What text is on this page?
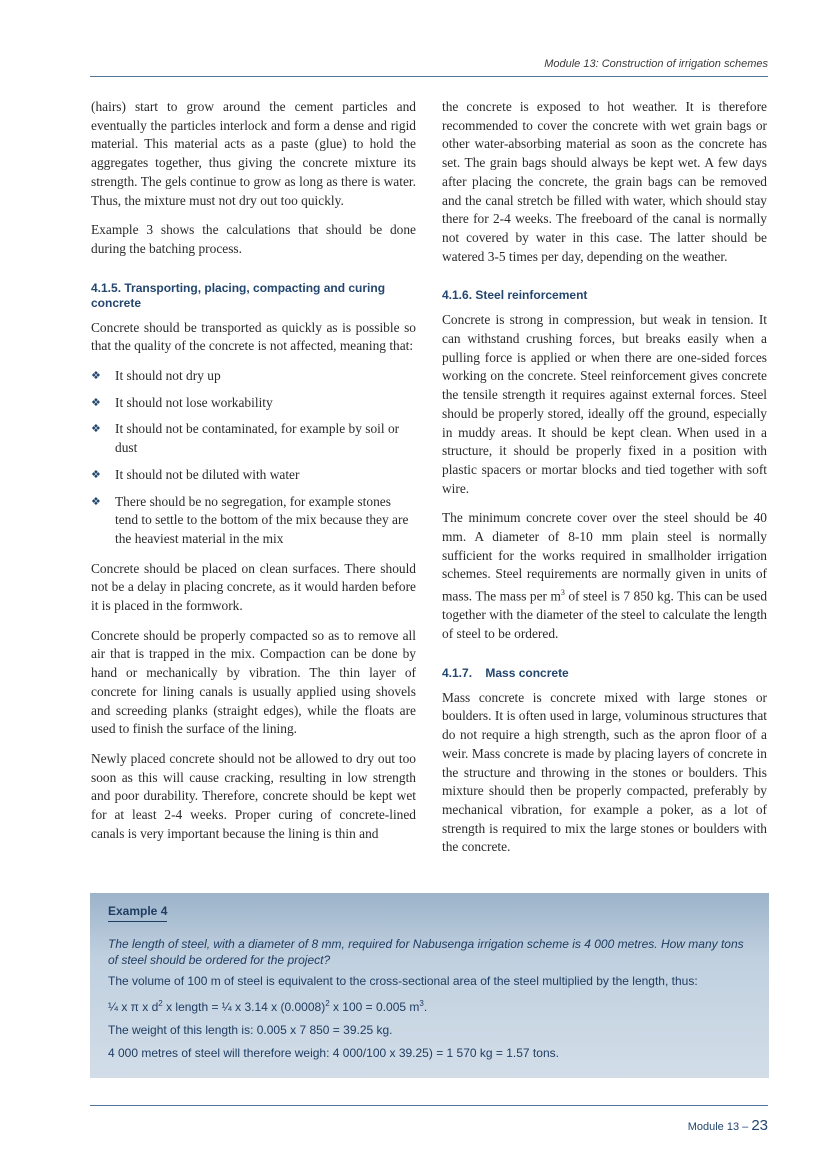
Module 13: Construction of irrigation schemes

(hairs) start to grow around the cement particles and eventually the particles interlock and form a dense and rigid material. This material acts as a paste (glue) to hold the aggregates together, thus giving the concrete mixture its strength. The gels continue to grow as long as there is water. Thus, the mixture must not dry out too quickly.

Example 3 shows the calculations that should be done during the batching process.

4.1.5. Transporting, placing, compacting and curing concrete

Concrete should be transported as quickly as is possible so that the quality of the concrete is not affected, meaning that:

❖ It should not dry up
❖ It should not lose workability
❖ It should not be contaminated, for example by soil or dust
❖ It should not be diluted with water
❖ There should be no segregation, for example stones tend to settle to the bottom of the mix because they are the heaviest material in the mix

Concrete should be placed on clean surfaces. There should not be a delay in placing concrete, as it would harden before it is placed in the formwork.

Concrete should be properly compacted so as to remove all air that is trapped in the mix. Compaction can be done by hand or mechanically by vibration. The thin layer of concrete for lining canals is usually applied using shovels and screeding planks (straight edges), while the floats are used to finish the surface of the lining.

Newly placed concrete should not be allowed to dry out too soon as this will cause cracking, resulting in low strength and poor durability. Therefore, concrete should be kept wet for at least 2-4 weeks. Proper curing of concrete-lined canals is very important because the lining is thin and

the concrete is exposed to hot weather. It is therefore recommended to cover the concrete with wet grain bags or other water-absorbing material as soon as the concrete has set. The grain bags should always be kept wet. A few days after placing the concrete, the grain bags can be removed and the canal stretch be filled with water, which should stay there for 2-4 weeks. The freeboard of the canal is normally not covered by water in this case. The latter should be watered 3-5 times per day, depending on the weather.

4.1.6. Steel reinforcement

Concrete is strong in compression, but weak in tension. It can withstand crushing forces, but breaks easily when a pulling force is applied or when there are one-sided forces working on the concrete. Steel reinforcement gives concrete the tensile strength it requires against external forces. Steel should be properly stored, ideally off the ground, especially in muddy areas. It should be kept clean. When used in a structure, it should be properly fixed in a position with plastic spacers or mortar blocks and tied together with soft wire.

The minimum concrete cover over the steel should be 40 mm. A diameter of 8-10 mm plain steel is normally sufficient for the works required in smallholder irrigation schemes. Steel requirements are normally given in units of mass. The mass per $m^3$ of steel is 7 850 kg. This can be used together with the diameter of the steel to calculate the length of steel to be ordered.

4.1.7.    Mass concrete

Mass concrete is concrete mixed with large stones or boulders. It is often used in large, voluminous structures that do not require a high strength, such as the apron floor of a weir. Mass concrete is made by placing layers of concrete in the structure and throwing in the stones or boulders. This mixture should then be properly compacted, preferably by mechanical vibration, for example a poker, as a lot of strength is required to mix the large stones or boulders with the concrete.

Example 4

The length of steel, with a diameter of 8 mm, required for Nabusenga irrigation scheme is 4 000 metres. How many tons of steel should be ordered for the project?

The volume of 100 m of steel is equivalent to the cross-sectional area of the steel multiplied by the length, thus:

¼ x π x $d^2$ x length = ¼ x 3.14 x $(0.0008)^2$ x 100 = 0.005 $m^3$.

The weight of this length is: 0.005 x 7 850 = 39.25 kg.

4 000 metres of steel will therefore weigh: 4 000/100 x 39.25) = 1 570 kg = 1.57 tons.

Module 13 – 23
